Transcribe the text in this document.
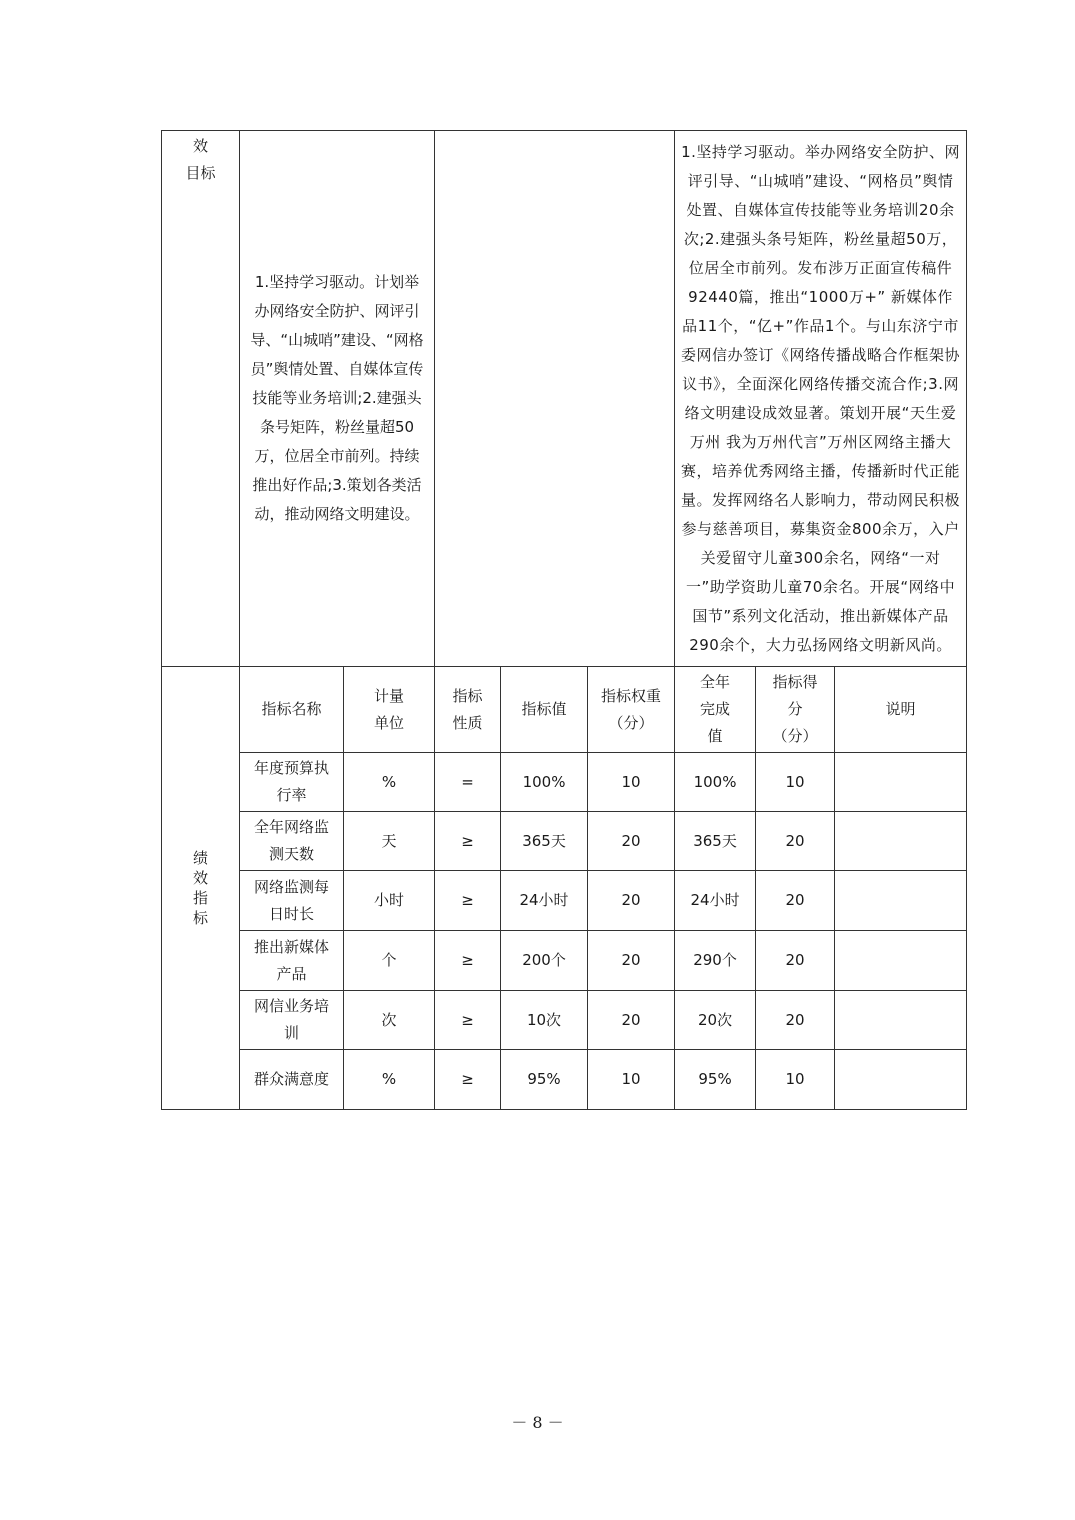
效
目标	1.坚持学习驱动。计划举办网络安全防护、网评引导、“山城哨”建设、“网格员”舆情处置、自媒体宣传技能等业务培训;2.建强头条号矩阵，粉丝量超50万，位居全市前列。持续推出好作品;3.策划各类活动，推动网络文明建设。					1.坚持学习驱动。举办网络安全防护、网评引导、“山城哨”建设、“网格员”舆情处置、自媒体宣传技能等业务培训20余次;2.建强头条号矩阵，粉丝量超50万，位居全市前列。发布涉万正面宣传稿件92440篇，推出“1000万+” 新媒体作品11个，“亿+”作品1个。与山东济宁市委网信办签订《网络传播战略合作框架协议书》，全面深化网络传播交流合作;3.网络文明建设成效显著。策划开展“天生爱万州 我为万州代言”万州区网络主播大赛，培养优秀网络主播，传播新时代正能量。发挥网络名人影响力，带动网民积极参与慈善项目，募集资金800余万，入户关爱留守儿童300余名，网络“一对一”助学资助儿童70余名。开展“网络中国节”系列文化活动，推出新媒体产品290余个，大力弘扬网络文明新风尚。		

绩效指标	指标名称	计量单位	指标性质	指标值	指标权重（分）	全年完成值	指标得分（分）	说明

	年度预算执行率	%	=	100%	10	100%	10	

	全年网络监测天数	天	≥	365天	20	365天	20	

	网络监测每日时长	小时	≥	24小时	20	24小时	20	

	推出新媒体产品	个	≥	200个	20	290个	20	

	网信业务培训	次	≥	10次	20	20次	20	

	群众满意度	%	≥	95%	10	95%	10	
－ 8 －
